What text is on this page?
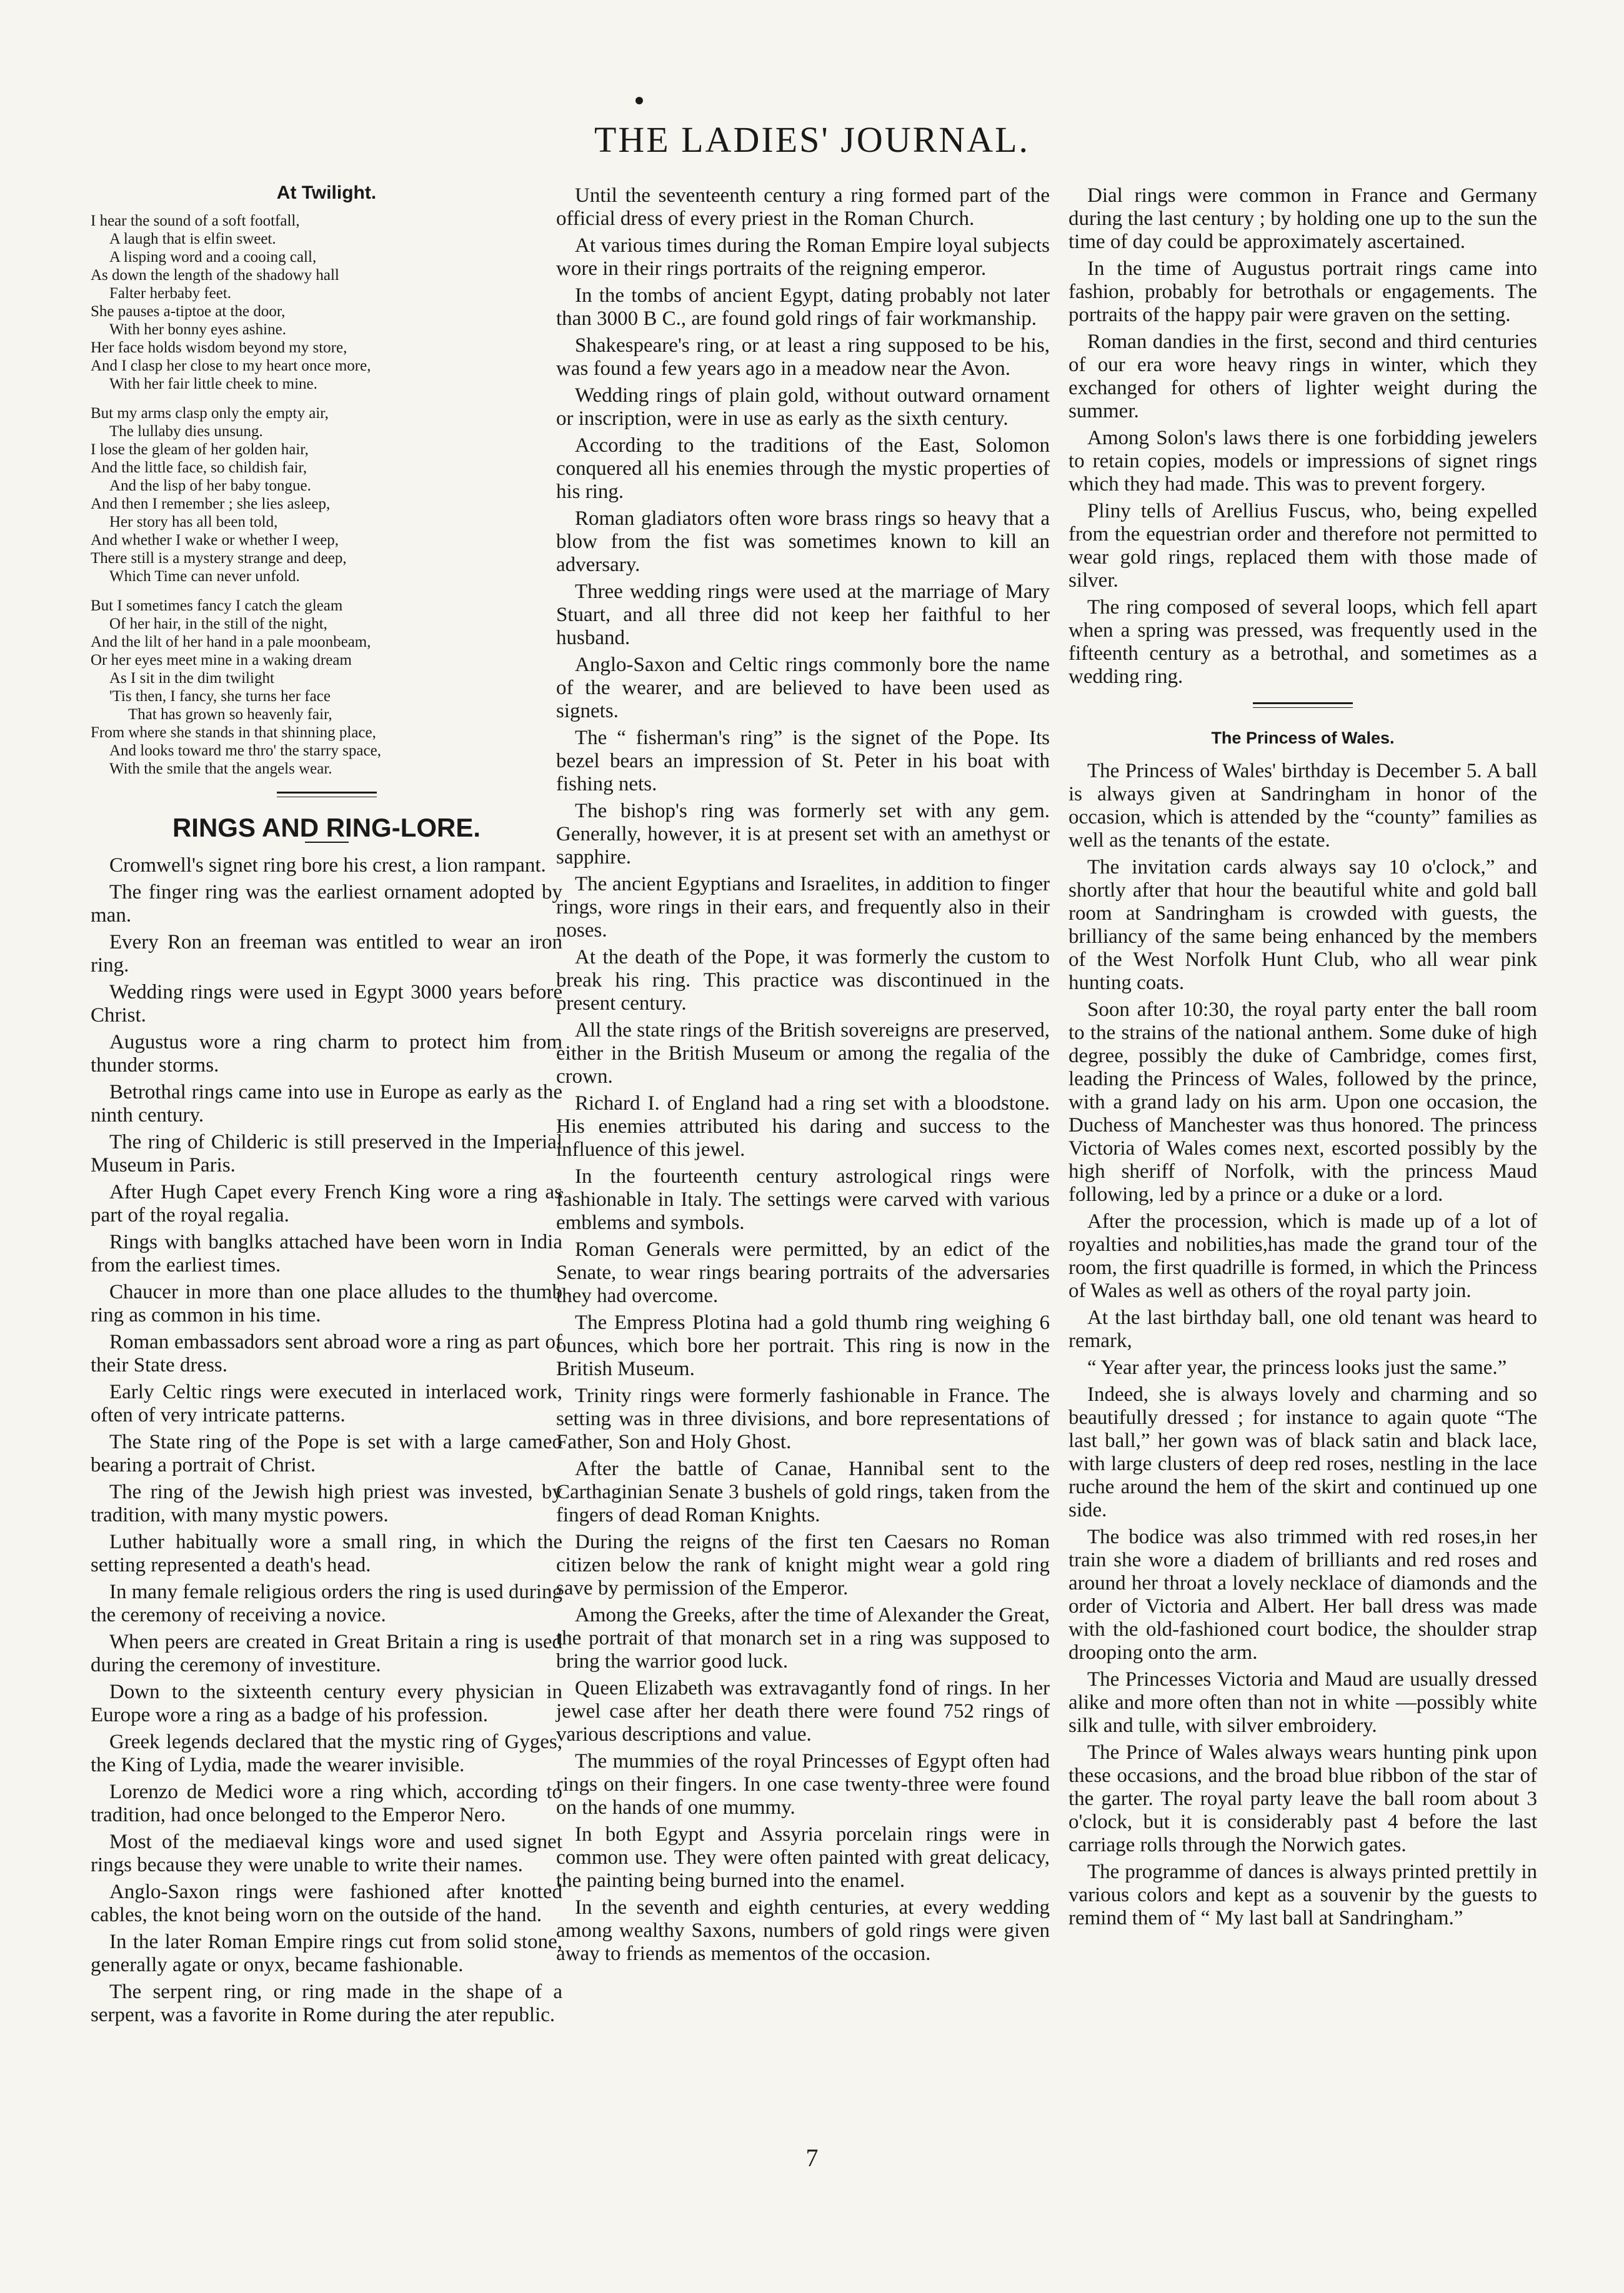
THE LADIES' JOURNAL.
At Twilight.
I hear the sound of a soft footfall,
A laugh that is elfin sweet.
A lisping word and a cooing call,
As down the length of the shadowy hall
Falter herbaby feet.
She pauses a-tiptoe at the door,
With her bonny eyes ashine.
Her face holds wisdom beyond my store,
And I clasp her close to my heart once more,
With her fair little cheek to mine.
But my arms clasp only the empty air,
The lullaby dies unsung.
I lose the gleam of her golden hair,
And the little face, so childish fair,
And the lisp of her baby tongue.
And then I remember ; she lies asleep,
Her story has all been told,
And whether I wake or whether I weep,
There still is a mystery strange and deep,
Which Time can never unfold.
But I sometimes fancy I catch the gleam
Of her hair, in the still of the night,
And the lilt of her hand in a pale moonbeam,
Or her eyes meet mine in a waking dream
As I sit in the dim twilight
'Tis then, I fancy, she turns her face
That has grown so heavenly fair,
From where she stands in that shinning place,
And looks toward me thro' the starry space,
With the smile that the angels wear.
RINGS AND RING-LORE.

Cromwell's signet ring bore his crest, a lion rampant.

The finger ring was the earliest ornament adopted by man.

Every Ron an freeman was entitled to wear an iron ring.

Wedding rings were used in Egypt 3000 years before Christ.

Augustus wore a ring charm to protect him from thunder storms.

Betrothal rings came into use in Europe as early as the ninth century.

The ring of Childeric is still preserved in the Imperial Museum in Paris.

After Hugh Capet every French King wore a ring as part of the royal regalia.

Rings with banglks attached have been worn in India from the earliest times.

Chaucer in more than one place alludes to the thumb ring as common in his time.

Roman embassadors sent abroad wore a ring as part of their State dress.

Early Celtic rings were executed in interlaced work, often of very intricate patterns.

The State ring of the Pope is set with a large cameo bearing a portrait of Christ.

The ring of the Jewish high priest was invested, by tradition, with many mystic powers.

Luther habitually wore a small ring, in which the setting represented a death's head.

In many female religious orders the ring is used during the ceremony of receiving a novice.

When peers are created in Great Britain a ring is used during the ceremony of investiture.

Down to the sixteenth century every physician in Europe wore a ring as a badge of his profession.

Greek legends declared that the mystic ring of Gyges, the King of Lydia, made the wearer invisible.

Lorenzo de Medici wore a ring which, according to tradition, had once belonged to the Emperor Nero.

Most of the mediaeval kings wore and used signet rings because they were unable to write their names.

Anglo-Saxon rings were fashioned after knotted cables, the knot being worn on the outside of the hand.

In the later Roman Empire rings cut from solid stone, generally agate or onyx, became fashionable.

The serpent ring, or ring made in the shape of a serpent, was a favorite in Rome during the ater republic.

Until the seventeenth century a ring formed part of the official dress of every priest in the Roman Church.

At various times during the Roman Empire loyal subjects wore in their rings portraits of the reigning emperor.

In the tombs of ancient Egypt, dating probably not later than 3000 B C., are found gold rings of fair workmanship.

Shakespeare's ring, or at least a ring supposed to be his, was found a few years ago in a meadow near the Avon.

Wedding rings of plain gold, without outward ornament or inscription, were in use as early as the sixth century.

According to the traditions of the East, Solomon conquered all his enemies through the mystic properties of his ring.

Roman gladiators often wore brass rings so heavy that a blow from the fist was sometimes known to kill an adversary.

Three wedding rings were used at the marriage of Mary Stuart, and all three did not keep her faithful to her husband.

Anglo-Saxon and Celtic rings commonly bore the name of the wearer, and are believed to have been used as signets.

The “ fisherman's ring” is the signet of the Pope. Its bezel bears an impression of St. Peter in his boat with fishing nets.

The bishop's ring was formerly set with any gem. Generally, however, it is at present set with an amethyst or sapphire.

The ancient Egyptians and Israelites, in addition to finger rings, wore rings in their ears, and frequently also in their noses.

At the death of the Pope, it was formerly the custom to break his ring. This practice was discontinued in the present century.

All the state rings of the British sovereigns are preserved, either in the British Museum or among the regalia of the crown.

Richard I. of England had a ring set with a bloodstone. His enemies attributed his daring and success to the influence of this jewel.

In the fourteenth century astrological rings were fashionable in Italy. The settings were carved with various emblems and symbols.

Roman Generals were permitted, by an edict of the Senate, to wear rings bearing portraits of the adversaries they had overcome.

The Empress Plotina had a gold thumb ring weighing 6 ounces, which bore her portrait. This ring is now in the British Museum.

Trinity rings were formerly fashionable in France. The setting was in three divisions, and bore representations of Father, Son and Holy Ghost.

After the battle of Canae, Hannibal sent to the Carthaginian Senate 3 bushels of gold rings, taken from the fingers of dead Roman Knights.

During the reigns of the first ten Caesars no Roman citizen below the rank of knight might wear a gold ring save by permission of the Emperor.

Among the Greeks, after the time of Alexander the Great, the portrait of that monarch set in a ring was supposed to bring the warrior good luck.

Queen Elizabeth was extravagantly fond of rings. In her jewel case after her death there were found 752 rings of various descriptions and value.

The mummies of the royal Princesses of Egypt often had rings on their fingers. In one case twenty-three were found on the hands of one mummy.

In both Egypt and Assyria porcelain rings were in common use. They were often painted with great delicacy, the painting being burned into the enamel.

In the seventh and eighth centuries, at every wedding among wealthy Saxons, numbers of gold rings were given away to friends as mementos of the occasion.

Dial rings were common in France and Germany during the last century ; by holding one up to the sun the time of day could be approximately ascertained.

In the time of Augustus portrait rings came into fashion, probably for betrothals or engagements. The portraits of the happy pair were graven on the setting.

Roman dandies in the first, second and third centuries of our era wore heavy rings in winter, which they exchanged for others of lighter weight during the summer.

Among Solon's laws there is one forbidding jewelers to retain copies, models or impressions of signet rings which they had made. This was to prevent forgery.

Pliny tells of Arellius Fuscus, who, being expelled from the equestrian order and therefore not permitted to wear gold rings, replaced them with those made of silver.

The ring composed of several loops, which fell apart when a spring was pressed, was frequently used in the fifteenth century as a betrothal, and sometimes as a wedding ring.

The Princess of Wales.

The Princess of Wales' birthday is December 5. A ball is always given at Sandringham in honor of the occasion, which is attended by the “county” families as well as the tenants of the estate.

The invitation cards always say 10 o'clock,” and shortly after that hour the beautiful white and gold ball room at Sandringham is crowded with guests, the brilliancy of the same being enhanced by the members of the West Norfolk Hunt Club, who all wear pink hunting coats.

Soon after 10:30, the royal party enter the ball room to the strains of the national anthem. Some duke of high degree, possibly the duke of Cambridge, comes first, leading the Princess of Wales, followed by the prince, with a grand lady on his arm. Upon one occasion, the Duchess of Manchester was thus honored. The princess Victoria of Wales comes next, escorted possibly by the high sheriff of Norfolk, with the princess Maud following, led by a prince or a duke or a lord.

After the procession, which is made up of a lot of royalties and nobilities,has made the grand tour of the room, the first quadrille is formed, in which the Princess of Wales as well as others of the royal party join.

At the last birthday ball, one old tenant was heard to remark,

“ Year after year, the princess looks just the same.”

Indeed, she is always lovely and charming and so beautifully dressed ; for instance to again quote “The last ball,” her gown was of black satin and black lace, with large clusters of deep red roses, nestling in the lace ruche around the hem of the skirt and continued up one side.

The bodice was also trimmed with red roses,in her train she wore a diadem of brilliants and red roses and around her throat a lovely necklace of diamonds and the order of Victoria and Albert. Her ball dress was made with the old-fashioned court bodice, the shoulder strap drooping onto the arm.

The Princesses Victoria and Maud are usually dressed alike and more often than not in white —possibly white silk and tulle, with silver embroidery.

The Prince of Wales always wears hunting pink upon these occasions, and the broad blue ribbon of the star of the garter. The royal party leave the ball room about 3 o'clock, but it is considerably past 4 before the last carriage rolls through the Norwich gates.

The programme of dances is always printed prettily in various colors and kept as a souvenir by the guests to remind them of “ My last ball at Sandringham.”

7
